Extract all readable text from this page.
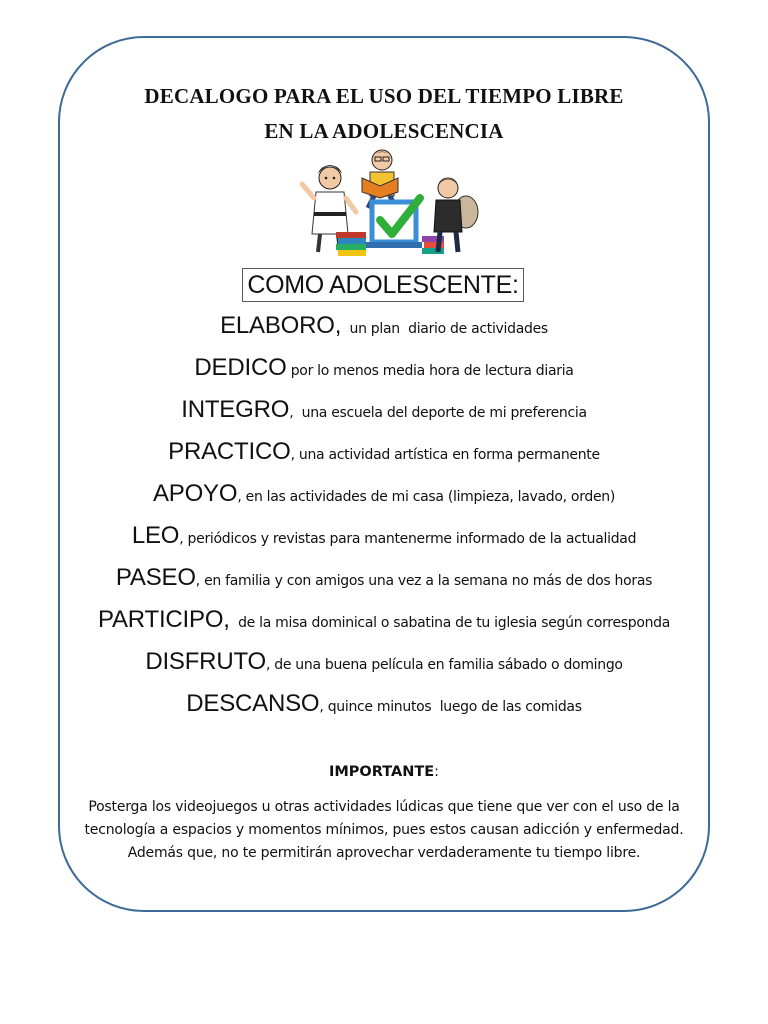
DECALOGO PARA EL USO DEL TIEMPO LIBRE
EN LA ADOLESCENCIA
COMO ADOLESCENTE:
ELABORO,  un plan  diario de actividades
DEDICO por lo menos media hora de lectura diaria
INTEGRO,  una escuela del deporte de mi preferencia
PRACTICO, una actividad artística en forma permanente
APOYO, en las actividades de mi casa (limpieza, lavado, orden)
LEO, periódicos y revistas para mantenerme informado de la actualidad
PASEO, en familia y con amigos una vez a la semana no más de dos horas
PARTICIPO,  de la misa dominical o sabatina de tu iglesia según corresponda
DISFRUTO, de una buena película en familia sábado o domingo
DESCANSO, quince minutos  luego de las comidas
IMPORTANTE:
Posterga los videojuegos u otras actividades lúdicas que tiene que ver con el uso de la tecnología a espacios y momentos mínimos, pues estos causan adicción y enfermedad. Además que, no te permitirán aprovechar verdaderamente tu tiempo libre.
